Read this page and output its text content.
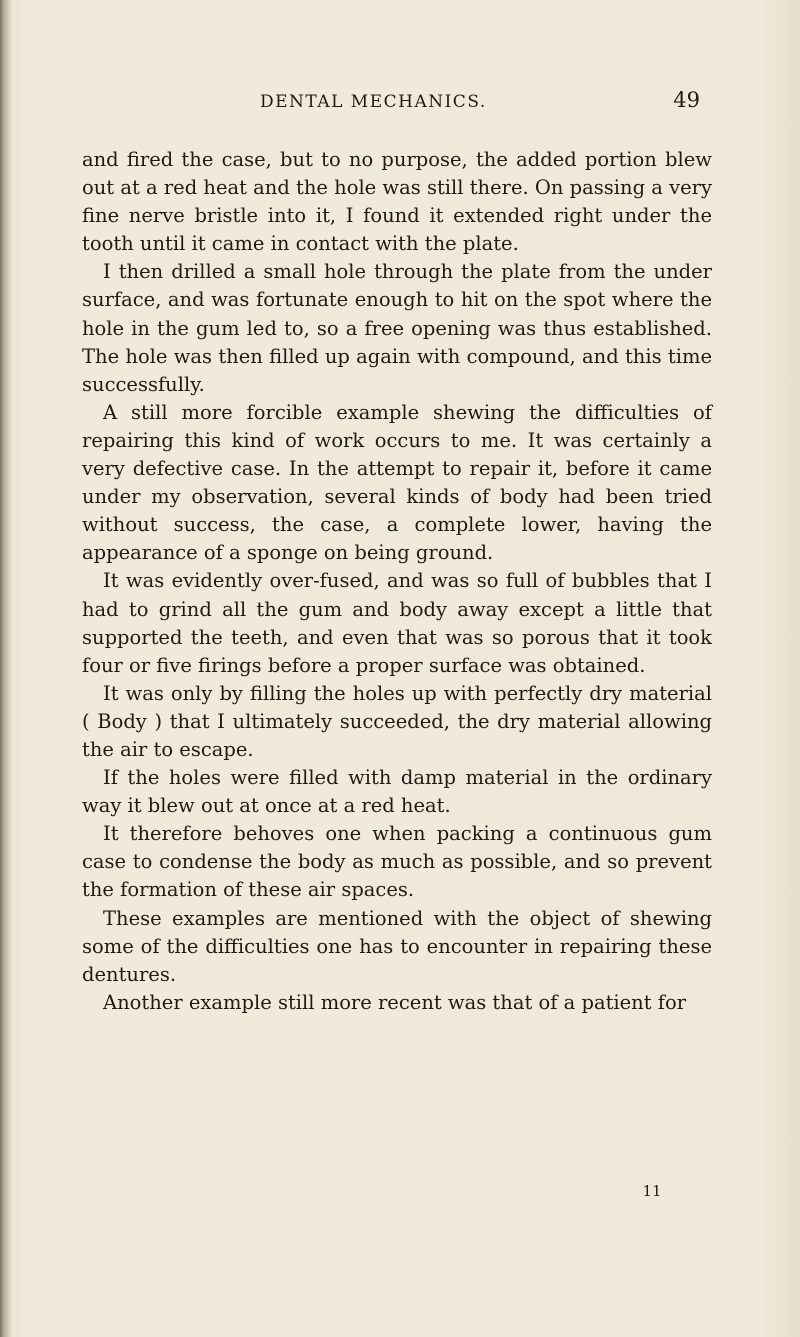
DENTAL MECHANICS.	49

and fired the case, but to no purpose, the added portion blew out at a red heat and the hole was still there. On passing a very fine nerve bristle into it, I found it extended right under the tooth until it came in contact with the plate.

I then drilled a small hole through the plate from the under surface, and was fortunate enough to hit on the spot where the hole in the gum led to, so a free opening was thus established. The hole was then filled up again with compound, and this time successfully.

A still more forcible example shewing the difficulties of repairing this kind of work occurs to me. It was certainly a very defective case. In the attempt to repair it, before it came under my observation, several kinds of body had been tried without success, the case, a complete lower, having the appearance of a sponge on being ground.

It was evidently over-fused, and was so full of bubbles that I had to grind all the gum and body away except a little that supported the teeth, and even that was so porous that it took four or five firings before a proper surface was obtained.

It was only by filling the holes up with perfectly dry material ( Body ) that I ultimately succeeded, the dry material allowing the air to escape.

If the holes were filled with damp material in the ordinary way it blew out at once at a red heat.

It therefore behoves one when packing a continuous gum case to condense the body as much as possible, and so prevent the formation of these air spaces.

These examples are mentioned with the object of shewing some of the difficulties one has to encounter in repairing these dentures.

Another example still more recent was that of a patient for

11
